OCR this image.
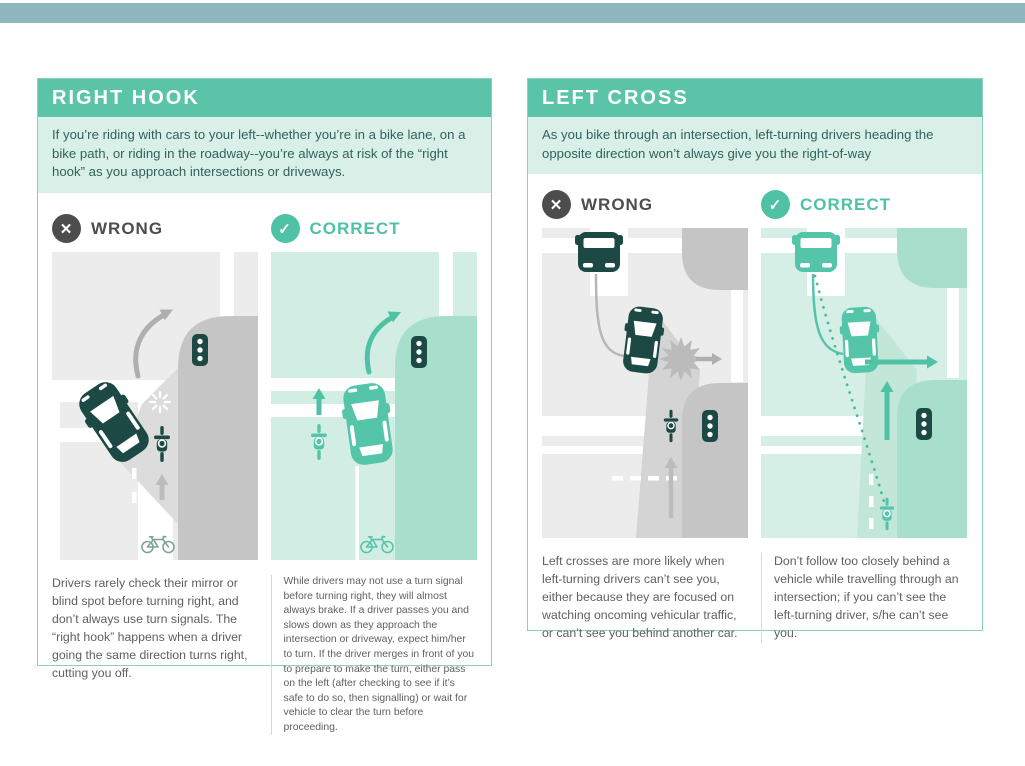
RIGHT HOOK

If you’re riding with cars to your left--whether you’re in a bike lane, on a bike path, or riding in the roadway--you’re always at risk of the “right hook” as you approach intersections or driveways.

✕	WRONG	✓	CORRECT

Drivers rarely check their mirror or blind spot before turning right, and don’t always use turn signals. The “right hook” happens when a driver going the same direction turns right, cutting you off.

While drivers may not use a turn signal before turning right, they will almost always brake. If a driver passes you and slows down as they approach the intersection or driveway, expect him/her to turn. If the driver merges in front of you to prepare to make the turn, either pass on the left (after checking to see if it’s safe to do so, then signalling) or wait for vehicle to clear the turn before proceeding.

LEFT CROSS

As you bike through an intersection, left-turning drivers heading the opposite direction won’t always give you the right-of-way

✕	WRONG	✓	CORRECT

Left crosses are more likely when left-turning drivers can’t see you, either because they are focused on watching oncoming vehicular traffic, or can’t see you behind another car.

Don’t follow too closely behind a vehicle while travelling through an intersection; if you can’t see the left-turning driver, s/he can’t see you.
